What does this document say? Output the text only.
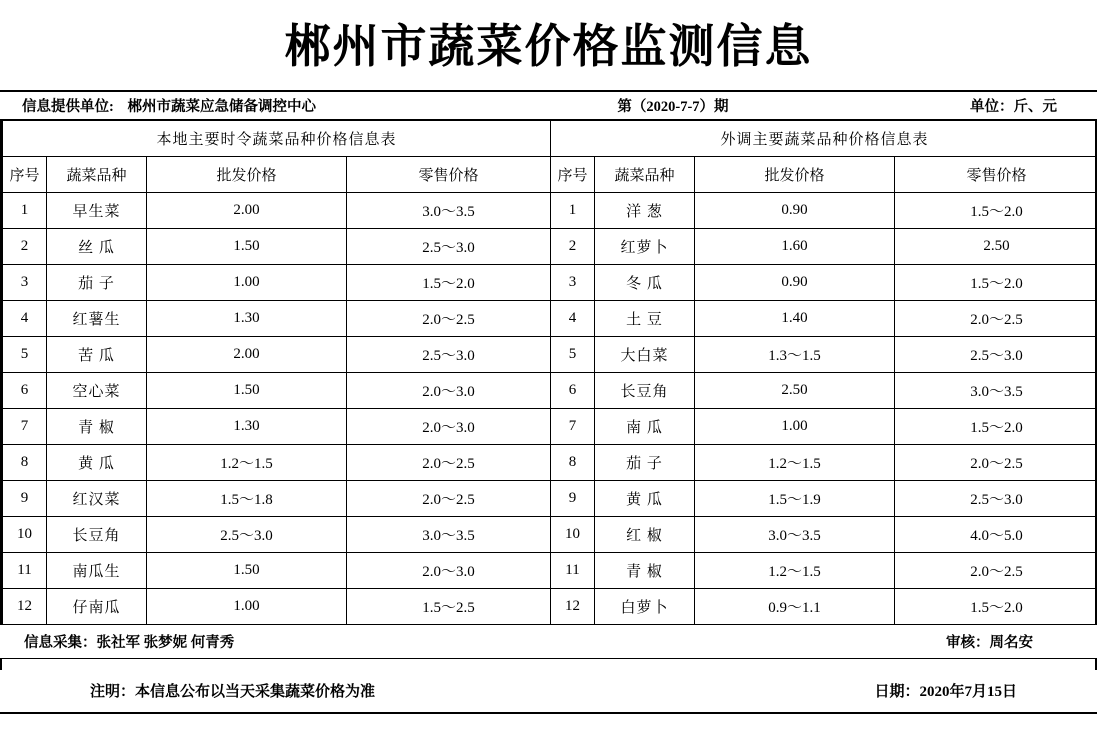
郴州市蔬菜价格监测信息
信息提供单位: 郴州市蔬菜应急储备调控中心	第（2020-7-7）期	单位：斤、元
本地主要时令蔬菜品种价格信息表				外调主要蔬菜品种价格信息表			
序号	蔬菜品种	批发价格	零售价格	序号	蔬菜品种	批发价格	零售价格
1	早生菜	2.00	3.0～3.5	1	洋 葱	0.90	1.5～2.0
2	丝 瓜	1.50	2.5～3.0	2	红萝卜	1.60	2.50
3	茄 子	1.00	1.5～2.0	3	冬 瓜	0.90	1.5～2.0
4	红薯生	1.30	2.0～2.5	4	土 豆	1.40	2.0～2.5
5	苦 瓜	2.00	2.5～3.0	5	大白菜	1.3～1.5	2.5～3.0
6	空心菜	1.50	2.0～3.0	6	长豆角	2.50	3.0～3.5
7	青 椒	1.30	2.0～3.0	7	南 瓜	1.00	1.5～2.0
8	黄 瓜	1.2～1.5	2.0～2.5	8	茄 子	1.2～1.5	2.0～2.5
9	红汉菜	1.5～1.8	2.0～2.5	9	黄 瓜	1.5～1.9	2.5～3.0
10	长豆角	2.5～3.0	3.0～3.5	10	红 椒	3.0～3.5	4.0～5.0
11	南瓜生	1.50	2.0～3.0	11	青 椒	1.2～1.5	2.0～2.5
12	仔南瓜	1.00	1.5～2.5	12	白萝卜	0.9～1.1	1.5～2.0
信息采集：张社军 张梦妮 何青秀	审核：周名安
注明：本信息公布以当天采集蔬菜价格为准	日期：2020年7月15日
